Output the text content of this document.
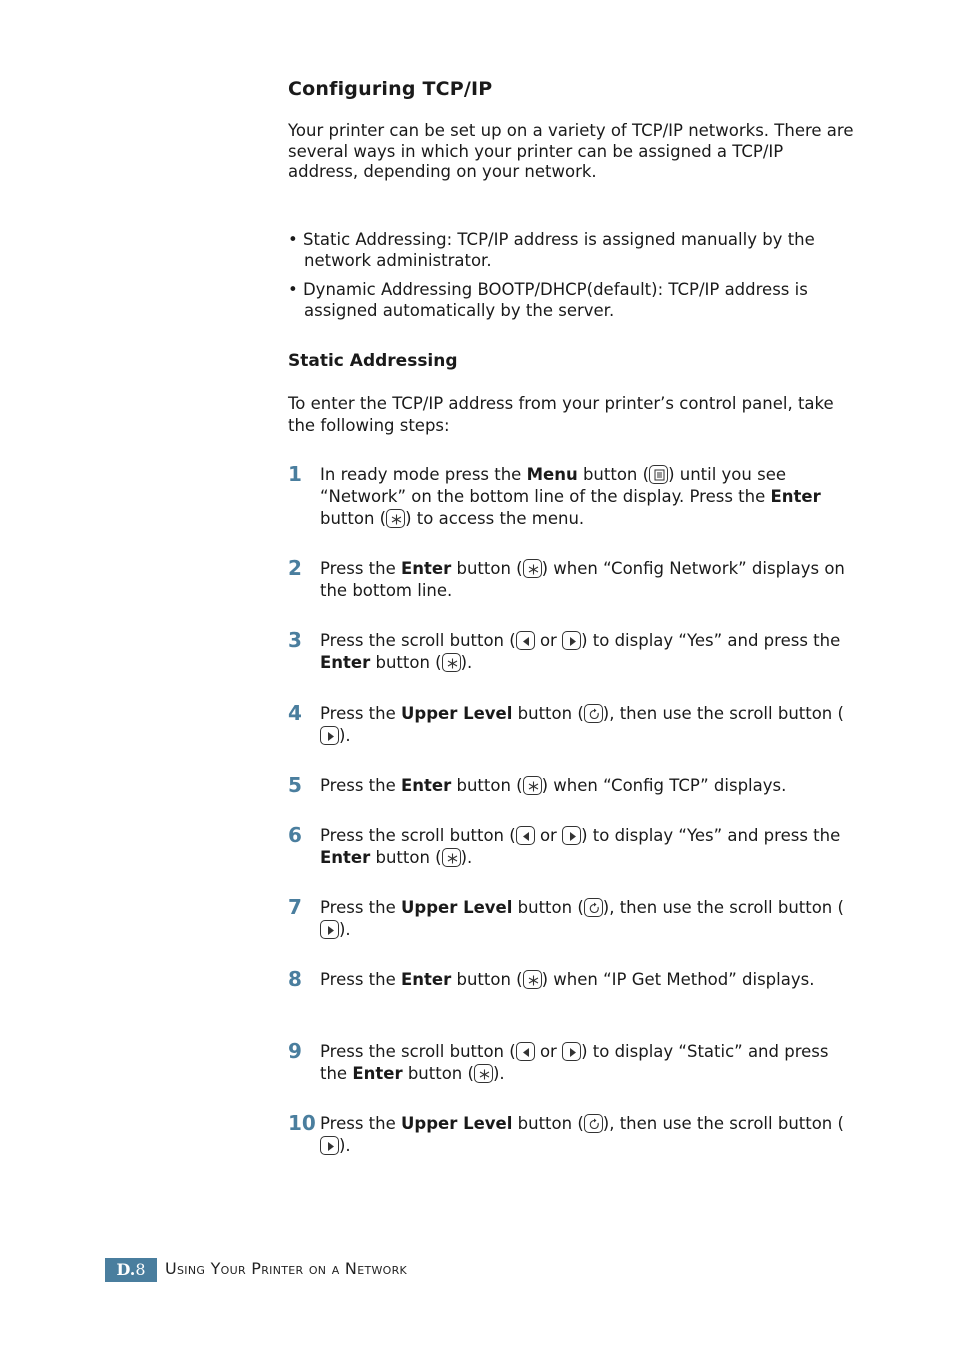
Configuring TCP/IP
Your printer can be set up on a variety of TCP/IP networks. There are several ways in which your printer can be assigned a TCP/IP address, depending on your network.
• Static Addressing: TCP/IP address is assigned manually by the network administrator.
• Dynamic Addressing BOOTP/DHCP(default): TCP/IP address is assigned automatically by the server.
Static Addressing
To enter the TCP/IP address from your printer’s control panel, take the following steps:
1 In ready mode press the Menu button ( ) until you see “Network” on the bottom line of the display. Press the Enter button ( ) to access the menu.
2 Press the Enter button ( ) when “Config Network” displays on the bottom line.
3 Press the scroll button ( or ) to display “Yes” and press the Enter button ( ).
4 Press the Upper Level button ( ), then use the scroll button (
).
5 Press the Enter button ( ) when “Config TCP” displays.
6 Press the scroll button ( or ) to display “Yes” and press the Enter button ( ).
7 Press the Upper Level button ( ), then use the scroll button (
).
8 Press the Enter button ( ) when “IP Get Method” displays.
9 Press the scroll button ( or ) to display “Static” and press the Enter button ( ).
10 Press the Upper Level button ( ), then use the scroll button (
).
D.8	Using Your Printer on a Network
